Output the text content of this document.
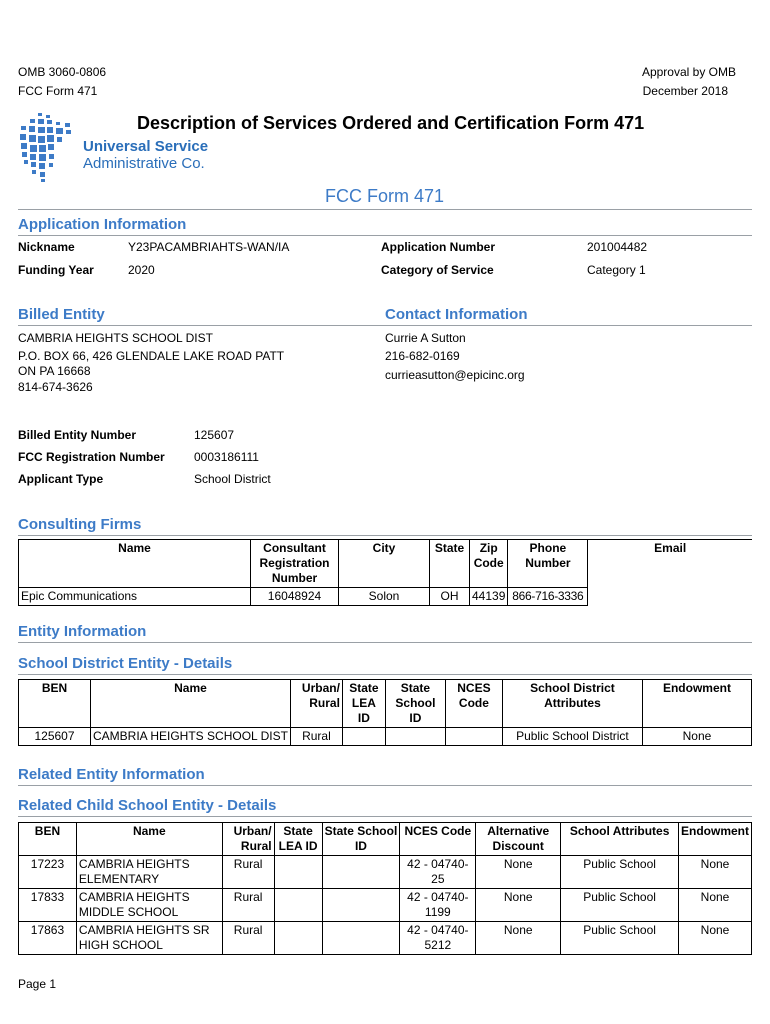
OMB 3060-0806
FCC Form 471
Approval by OMB
December 2018
Universal Service
Administrative Co.
Description of Services Ordered and Certification Form 471
FCC Form 471
Application Information
Nickname	Y23PACAMBRIAHTS-WAN/IA
Funding Year	2020
Application Number	201004482
Category of Service	Category 1
Billed Entity
CAMBRIA HEIGHTS SCHOOL DIST
P.O. BOX 66, 426 GLENDALE LAKE ROAD PATT
ON PA 16668
814-674-3626
Contact Information
Currie A Sutton
216-682-0169
currieasutton@epicinc.org
Billed Entity Number	125607
FCC Registration Number 0003186111
Applicant Type	School District
Consulting Firms
Name	Consultant Registration Number	City	State	Zip Code	Phone Number	Email
Epic Communications	16048924	Solon	OH	44139	866-716-3336	
Entity Information
School District Entity - Details
BEN	Name	Urban/ Rural	State LEA ID	State School ID	NCES Code	School District Attributes	Endowment
125607	CAMBRIA HEIGHTS SCHOOL DIST	Rural				Public School District	None
Related Entity Information
Related Child School Entity - Details
BEN	Name	Urban/ Rural	State LEA ID	State School ID	NCES Code	Alternative Discount	School Attributes	Endowment
17223	CAMBRIA HEIGHTS ELEMENTARY	Rural			42 - 04740- 25	None	Public School	None
17833	CAMBRIA HEIGHTS MIDDLE SCHOOL	Rural			42 - 04740- 1199	None	Public School	None
17863	CAMBRIA HEIGHTS SR HIGH SCHOOL	Rural			42 - 04740- 5212	None	Public School	None
Page 1
